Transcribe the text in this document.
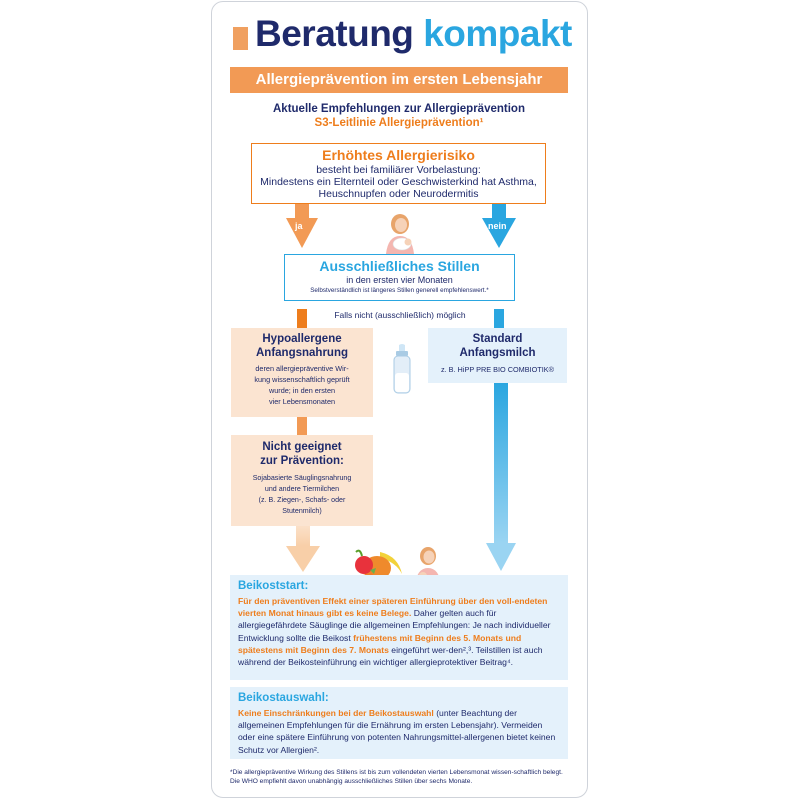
Beratung kompakt
Allergieprävention im ersten Lebensjahr
Aktuelle Empfehlungen zur Allergieprävention
S3-Leitlinie Allergieprävention¹
Erhöhtes Allergierisiko
besteht bei familiärer Vorbelastung:
Mindestens ein Elternteil oder Geschwisterkind hat Asthma,
Heuschnupfen oder Neurodermitis
ja	nein
Ausschließliches Stillen
in den ersten vier Monaten
Selbstverständlich ist längeres Stillen generell empfehlenswert.*
Falls nicht (ausschließlich) möglich
Hypoallergene
Anfangsnahrung
deren allergiepräventive Wir-
kung wissenschaftlich geprüft
wurde; in den ersten
vier Lebensmonaten
Standard
Anfangsmilch
z. B. HiPP PRE BIO COMBIOTIK®
Nicht geeignet
zur Prävention:
Sojabasierte Säuglingsnahrung
und andere Tiermilchen
(z. B. Ziegen-, Schafs- oder
Stutenmilch)
Beikoststart:
Für den präventiven Effekt einer späteren Einführung über den voll-endeten vierten Monat hinaus gibt es keine Belege. Daher gelten auch für allergiegefährdete Säuglinge die allgemeinen Empfehlungen: Je nach individueller Entwicklung sollte die Beikost frühestens mit Beginn des 5. Monats und spätestens mit Beginn des 7. Monats eingeführt wer-den²,³. Teilstillen ist auch während der Beikosteinführung ein wichtiger allergieprotektiver Beitrag⁴.
Beikostauswahl:
Keine Einschränkungen bei der Beikostauswahl (unter Beachtung der allgemeinen Empfehlungen für die Ernährung im ersten Lebensjahr). Vermeiden oder eine spätere Einführung von potenten Nahrungsmittel-allergenen bietet keinen Schutz vor Allergien².
*Die allergiepräventive Wirkung des Stillens ist bis zum vollendeten vierten Lebensmonat wissen-schaftlich belegt. Die WHO empfiehlt davon unabhängig ausschließliches Stillen über sechs Monate.
